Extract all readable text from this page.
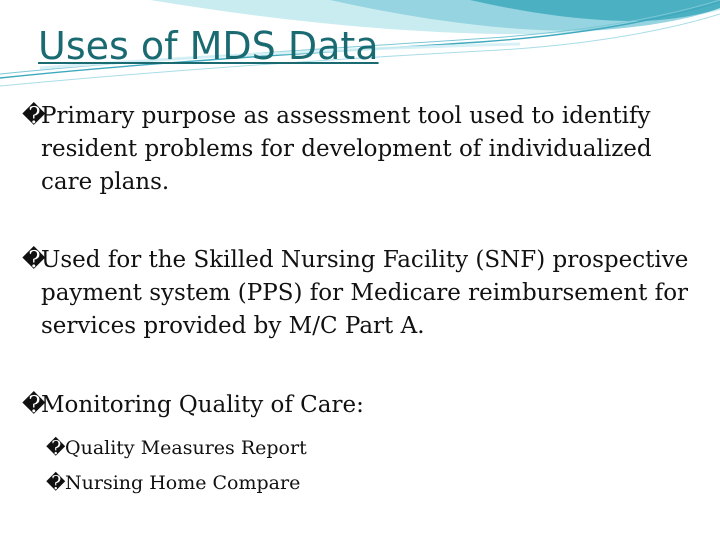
Uses of MDS Data
�
Primary purpose as assessment tool used to identify resident problems for development of individualized care plans.
�
Used for the Skilled Nursing Facility (SNF) prospective payment system (PPS) for Medicare reimbursement for services provided by M/C Part A.
�
Monitoring Quality of Care:
� Quality Measures Report
� Nursing Home Compare
